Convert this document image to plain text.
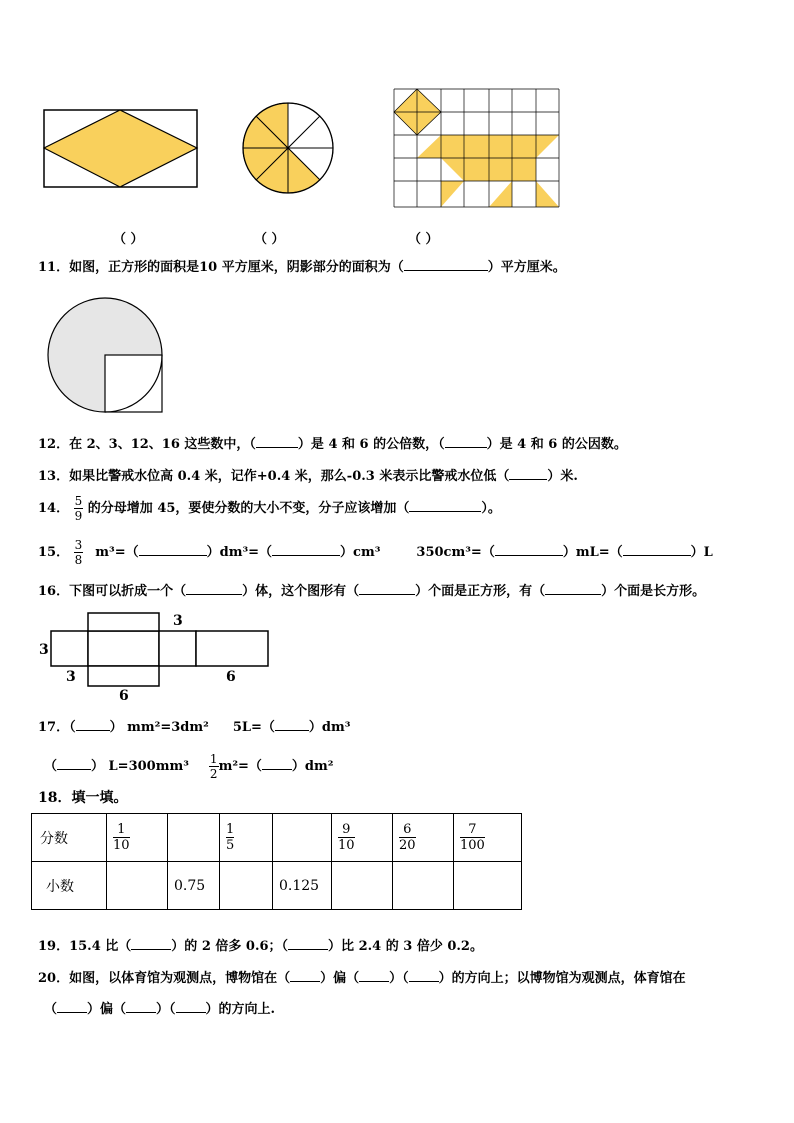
（ ）	（ ）	（ ）
11．如图，正方形的面积是10 平方厘米，阴影部分的面积为（	）平方厘米。
12．在 2、3、12、16 这些数中，（	）是 4 和 6 的公倍数，（	）是 4 和 6 的公因数。
13．如果比警戒水位高 0.4 米，记作+0.4 米，那么-0.3 米表示比警戒水位低（	）米.
14． $\frac{5}{9}$ 的分母增加 45，要使分数的大小不变，分子应该增加（	）。
15． $\frac{3}{8} m^3=$（	）dm³=（	）cm³	350cm³=（	）mL=（	）L
16．下图可以折成一个（	）体，这个图形有（	）个面是正方形，有（	）个面是长方形。
3
3
3
6
6
17．（	） mm²=3dm² 5L=（	）dm³
（	） $L=300mm^3 \frac{1}{2} m^2=$（ ）dm²
18．填一填。
分数	$\frac{1}{10}$		$\frac{1}{5}$		$\frac{9}{10}$	$\frac{6}{20}$	$\frac{7}{100}$

小数		0.75		0.125			
19．15.4 比（	）的 2 倍多 0.6；（	）比 2.4 的 3 倍少 0.2。
20．如图，以体育馆为观测点，博物馆在（ ）偏（ ）（ ）的方向上；以博物馆为观测点，体育馆在
（ ）偏（ ）（ ）的方向上.
